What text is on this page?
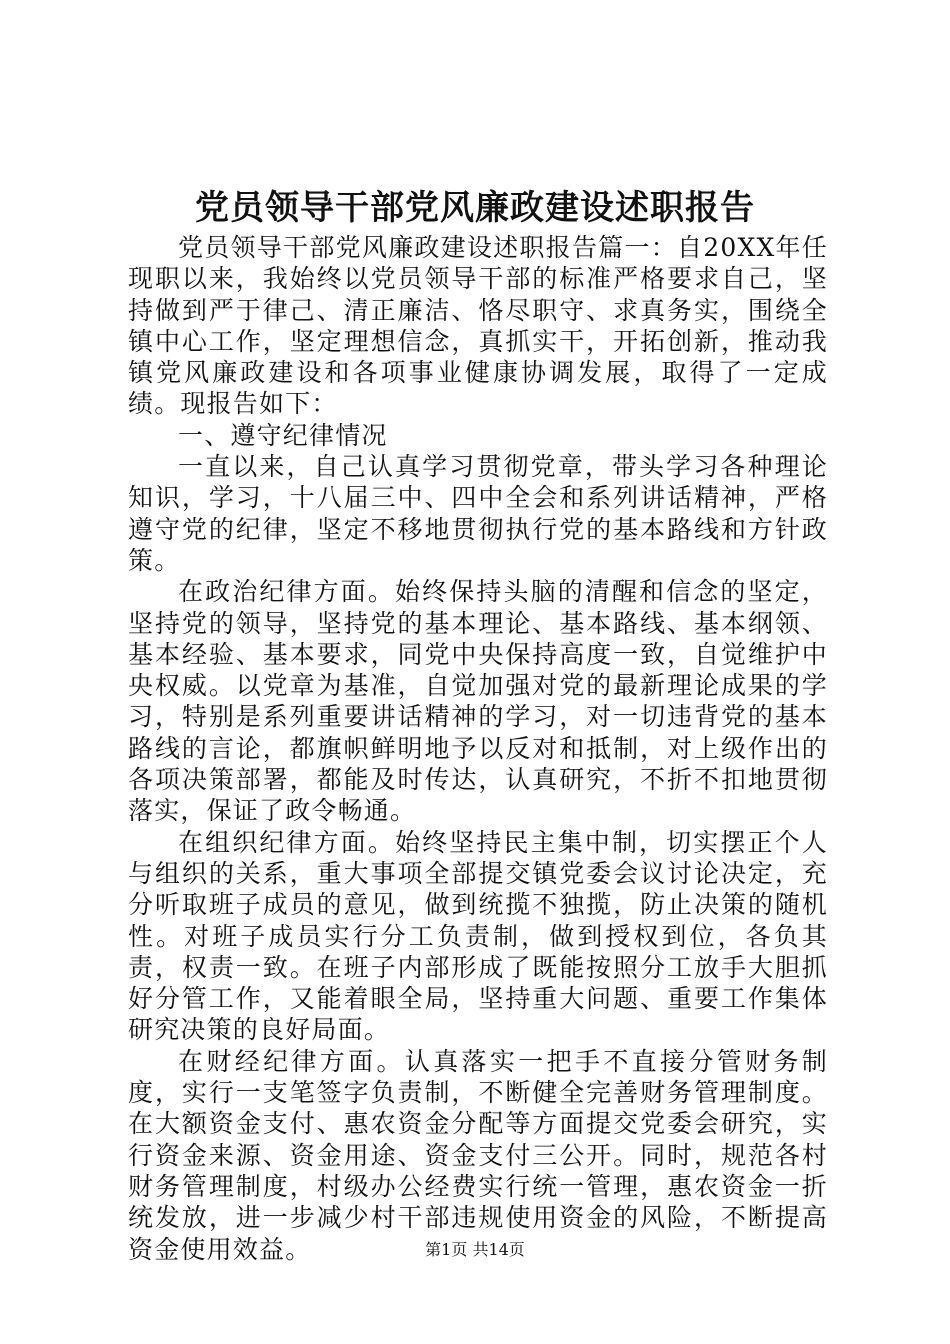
党员领导干部党风廉政建设述职报告

党员领导干部党风廉政建设述职报告篇一：自20XX年任现职以来，我始终以党员领导干部的标准严格要求自己，坚持做到严于律己、清正廉洁、恪尽职守、求真务实，围绕全镇中心工作，坚定理想信念，真抓实干，开拓创新，推动我镇党风廉政建设和各项事业健康协调发展，取得了一定成绩。现报告如下：

一、遵守纪律情况

一直以来，自己认真学习贯彻党章，带头学习各种理论知识，学习，十八届三中、四中全会和系列讲话精神，严格遵守党的纪律，坚定不移地贯彻执行党的基本路线和方针政策。

在政治纪律方面。始终保持头脑的清醒和信念的坚定，坚持党的领导，坚持党的基本理论、基本路线、基本纲领、基本经验、基本要求，同党中央保持高度一致，自觉维护中央权威。以党章为基准，自觉加强对党的最新理论成果的学习，特别是系列重要讲话精神的学习，对一切违背党的基本路线的言论，都旗帜鲜明地予以反对和抵制，对上级作出的各项决策部署，都能及时传达，认真研究，不折不扣地贯彻落实，保证了政令畅通。

在组织纪律方面。始终坚持民主集中制，切实摆正个人与组织的关系，重大事项全部提交镇党委会议讨论决定，充分听取班子成员的意见，做到统揽不独揽，防止决策的随机性。对班子成员实行分工负责制，做到授权到位，各负其责，权责一致。在班子内部形成了既能按照分工放手大胆抓好分管工作，又能着眼全局，坚持重大问题、重要工作集体研究决策的良好局面。

在财经纪律方面。认真落实一把手不直接分管财务制度，实行一支笔签字负责制，不断健全完善财务管理制度。在大额资金支付、惠农资金分配等方面提交党委会研究，实行资金来源、资金用途、资金支付三公开。同时，规范各村财务管理制度，村级办公经费实行统一管理，惠农资金一折统发放，进一步减少村干部违规使用资金的风险，不断提高资金使用效益。	第1页 共14页
